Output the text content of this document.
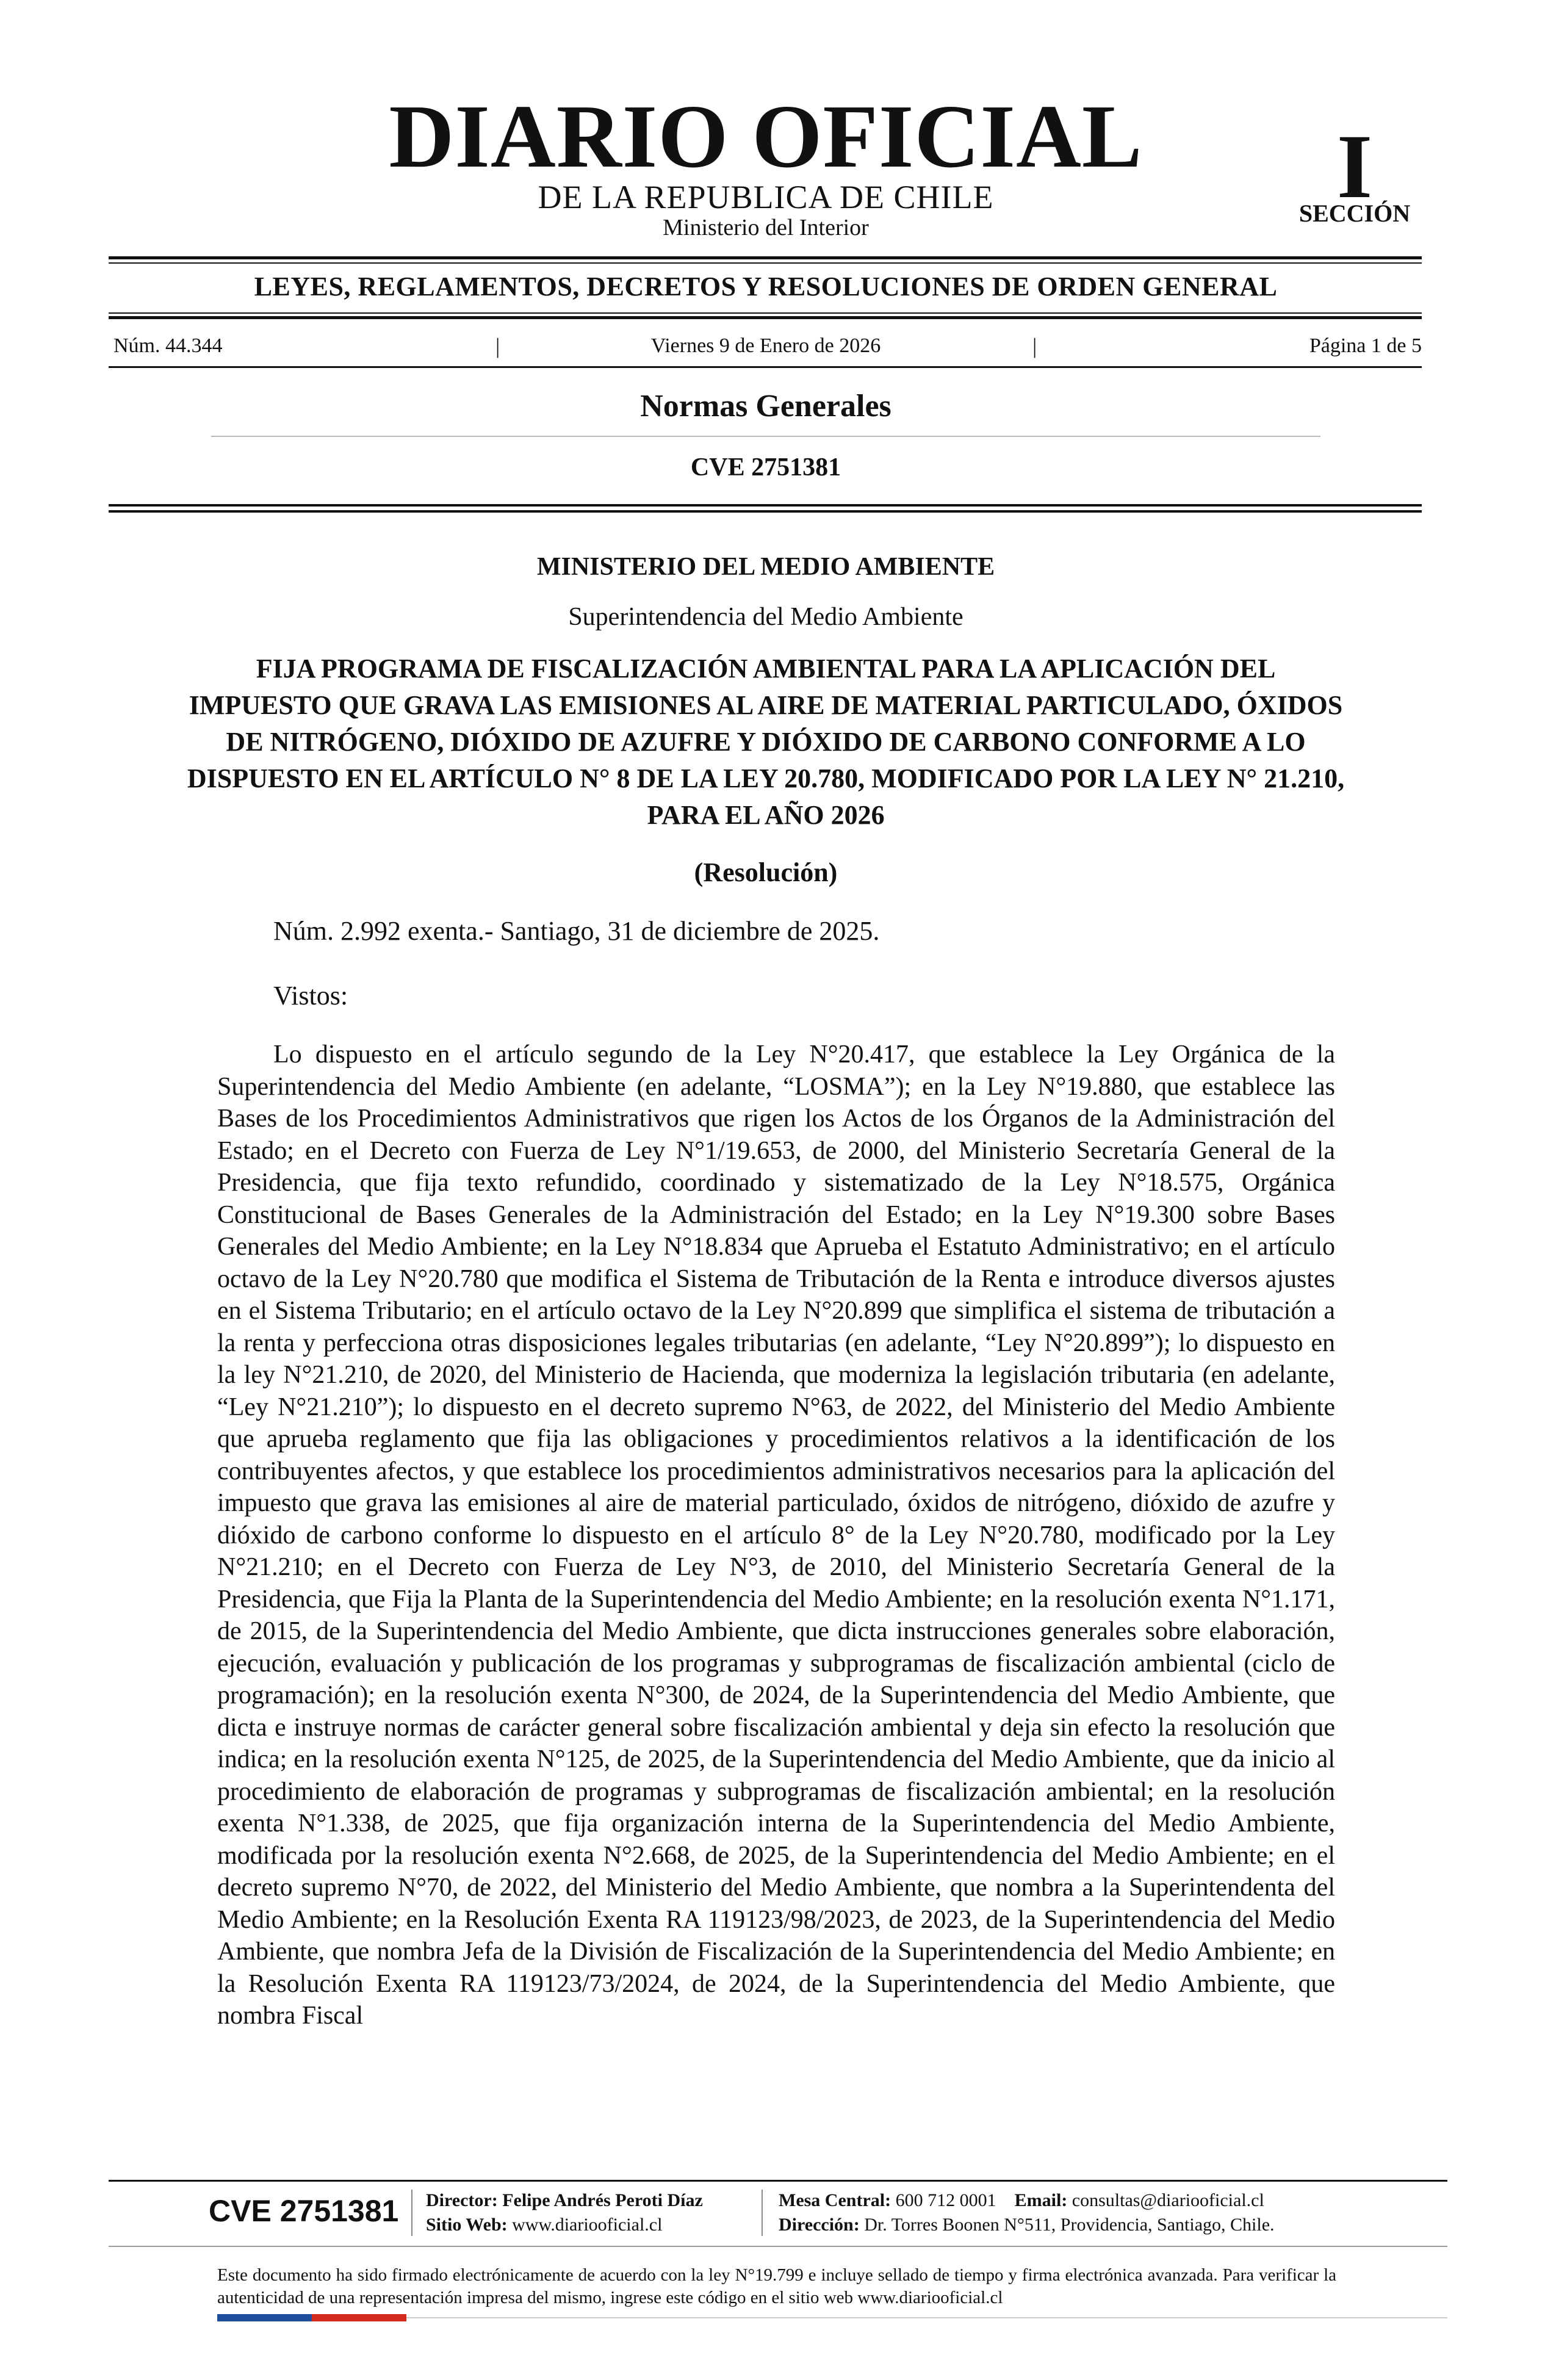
DIARIO OFICIAL
DE LA REPUBLICA DE CHILE
Ministerio del Interior
I
SECCIÓN
LEYES, REGLAMENTOS, DECRETOS Y RESOLUCIONES DE ORDEN GENERAL
Núm. 44.344	|	Viernes 9 de Enero de 2026	|	Página 1 de 5
Normas Generales
CVE 2751381
MINISTERIO DEL MEDIO AMBIENTE
Superintendencia del Medio Ambiente
FIJA PROGRAMA DE FISCALIZACIÓN AMBIENTAL PARA LA APLICACIÓN DEL IMPUESTO QUE GRAVA LAS EMISIONES AL AIRE DE MATERIAL PARTICULADO, ÓXIDOS DE NITRÓGENO, DIÓXIDO DE AZUFRE Y DIÓXIDO DE CARBONO CONFORME A LO DISPUESTO EN EL ARTÍCULO N° 8 DE LA LEY 20.780, MODIFICADO POR LA LEY N° 21.210, PARA EL AÑO 2026
(Resolución)
Núm. 2.992 exenta.- Santiago, 31 de diciembre de 2025.
Vistos:
Lo dispuesto en el artículo segundo de la Ley N°20.417, que establece la Ley Orgánica de la Superintendencia del Medio Ambiente (en adelante, “LOSMA”); en la Ley N°19.880, que establece las Bases de los Procedimientos Administrativos que rigen los Actos de los Órganos de la Administración del Estado; en el Decreto con Fuerza de Ley N°1/19.653, de 2000, del Ministerio Secretaría General de la Presidencia, que fija texto refundido, coordinado y sistematizado de la Ley N°18.575, Orgánica Constitucional de Bases Generales de la Administración del Estado; en la Ley N°19.300 sobre Bases Generales del Medio Ambiente; en la Ley N°18.834 que Aprueba el Estatuto Administrativo; en el artículo octavo de la Ley N°20.780 que modifica el Sistema de Tributación de la Renta e introduce diversos ajustes en el Sistema Tributario; en el artículo octavo de la Ley N°20.899 que simplifica el sistema de tributación a la renta y perfecciona otras disposiciones legales tributarias (en adelante, “Ley N°20.899”); lo dispuesto en la ley N°21.210, de 2020, del Ministerio de Hacienda, que moderniza la legislación tributaria (en adelante, “Ley N°21.210”); lo dispuesto en el decreto supremo N°63, de 2022, del Ministerio del Medio Ambiente que aprueba reglamento que fija las obligaciones y procedimientos relativos a la identificación de los contribuyentes afectos, y que establece los procedimientos administrativos necesarios para la aplicación del impuesto que grava las emisiones al aire de material particulado, óxidos de nitrógeno, dióxido de azufre y dióxido de carbono conforme lo dispuesto en el artículo 8° de la Ley N°20.780, modificado por la Ley N°21.210; en el Decreto con Fuerza de Ley N°3, de 2010, del Ministerio Secretaría General de la Presidencia, que Fija la Planta de la Superintendencia del Medio Ambiente; en la resolución exenta N°1.171, de 2015, de la Superintendencia del Medio Ambiente, que dicta instrucciones generales sobre elaboración, ejecución, evaluación y publicación de los programas y subprogramas de fiscalización ambiental (ciclo de programación); en la resolución exenta N°300, de 2024, de la Superintendencia del Medio Ambiente, que dicta e instruye normas de carácter general sobre fiscalización ambiental y deja sin efecto la resolución que indica; en la resolución exenta N°125, de 2025, de la Superintendencia del Medio Ambiente, que da inicio al procedimiento de elaboración de programas y subprogramas de fiscalización ambiental; en la resolución exenta N°1.338, de 2025, que fija organización interna de la Superintendencia del Medio Ambiente, modificada por la resolución exenta N°2.668, de 2025, de la Superintendencia del Medio Ambiente; en el decreto supremo N°70, de 2022, del Ministerio del Medio Ambiente, que nombra a la Superintendenta del Medio Ambiente; en la Resolución Exenta RA 119123/98/2023, de 2023, de la Superintendencia del Medio Ambiente, que nombra Jefa de la División de Fiscalización de la Superintendencia del Medio Ambiente; en la Resolución Exenta RA 119123/73/2024, de 2024, de la Superintendencia del Medio Ambiente, que nombra Fiscal
CVE 2751381 Director: Felipe Andrés Peroti Díaz
Sitio Web: www.diariooficial.cl
Mesa Central: 600 712 0001 Email: consultas@diariooficial.cl
Dirección: Dr. Torres Boonen N°511, Providencia, Santiago, Chile.
Este documento ha sido firmado electrónicamente de acuerdo con la ley N°19.799 e incluye sellado de tiempo y firma electrónica avanzada. Para verificar la autenticidad de una representación impresa del mismo, ingrese este código en el sitio web www.diariooficial.cl
